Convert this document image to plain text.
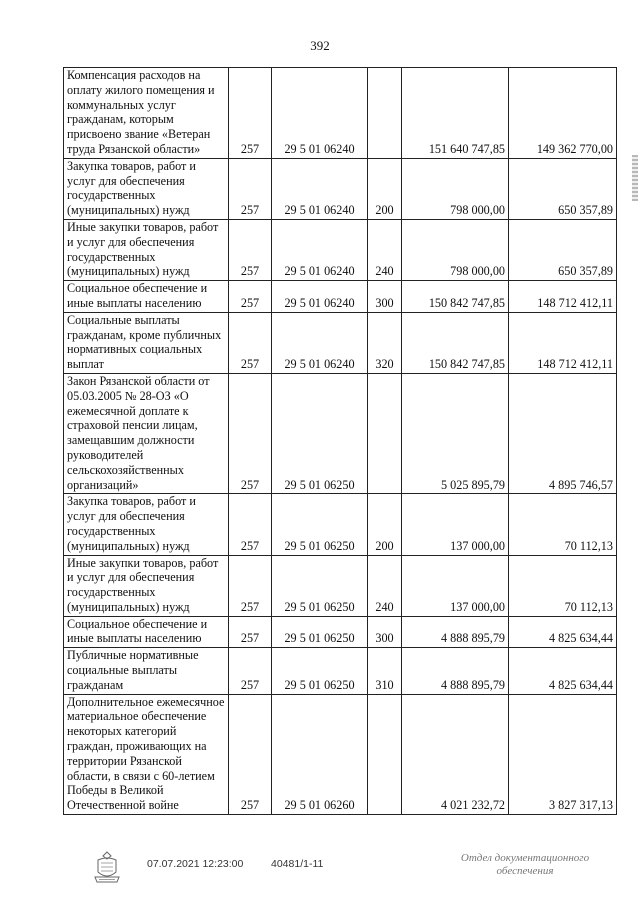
392
Компенсация расходов на оплату жилого помещения и коммунальных услуг гражданам, которым присвоено звание «Ветеран труда Рязанской области»	257	29 5 01 06240		151 640 747,85	149 362 770,00
Закупка товаров, работ и услуг для обеспечения государственных (муниципальных) нужд	257	29 5 01 06240	200	798 000,00	650 357,89
Иные закупки товаров, работ и услуг для обеспечения государственных (муниципальных) нужд	257	29 5 01 06240	240	798 000,00	650 357,89
Социальное обеспечение и иные выплаты населению	257	29 5 01 06240	300	150 842 747,85	148 712 412,11
Социальные выплаты гражданам, кроме публичных нормативных социальных выплат	257	29 5 01 06240	320	150 842 747,85	148 712 412,11
Закон Рязанской области от 05.03.2005 № 28-ОЗ «О ежемесячной доплате к страховой пенсии лицам, замещавшим должности руководителей сельскохозяйственных организаций»	257	29 5 01 06250		5 025 895,79	4 895 746,57
Закупка товаров, работ и услуг для обеспечения государственных (муниципальных) нужд	257	29 5 01 06250	200	137 000,00	70 112,13
Иные закупки товаров, работ и услуг для обеспечения государственных (муниципальных) нужд	257	29 5 01 06250	240	137 000,00	70 112,13
Социальное обеспечение и иные выплаты населению	257	29 5 01 06250	300	4 888 895,79	4 825 634,44
Публичные нормативные социальные выплаты гражданам	257	29 5 01 06250	310	4 888 895,79	4 825 634,44
Дополнительное ежемесячное материальное обеспечение некоторых категорий граждан, проживающих на территории Рязанской области, в связи с 60-летием Победы в Великой Отечественной войне	257	29 5 01 06260		4 021 232,72	3 827 317,13
07.07.2021 12:23:00	40481/1-11	Отдел документационного
обеспечения
